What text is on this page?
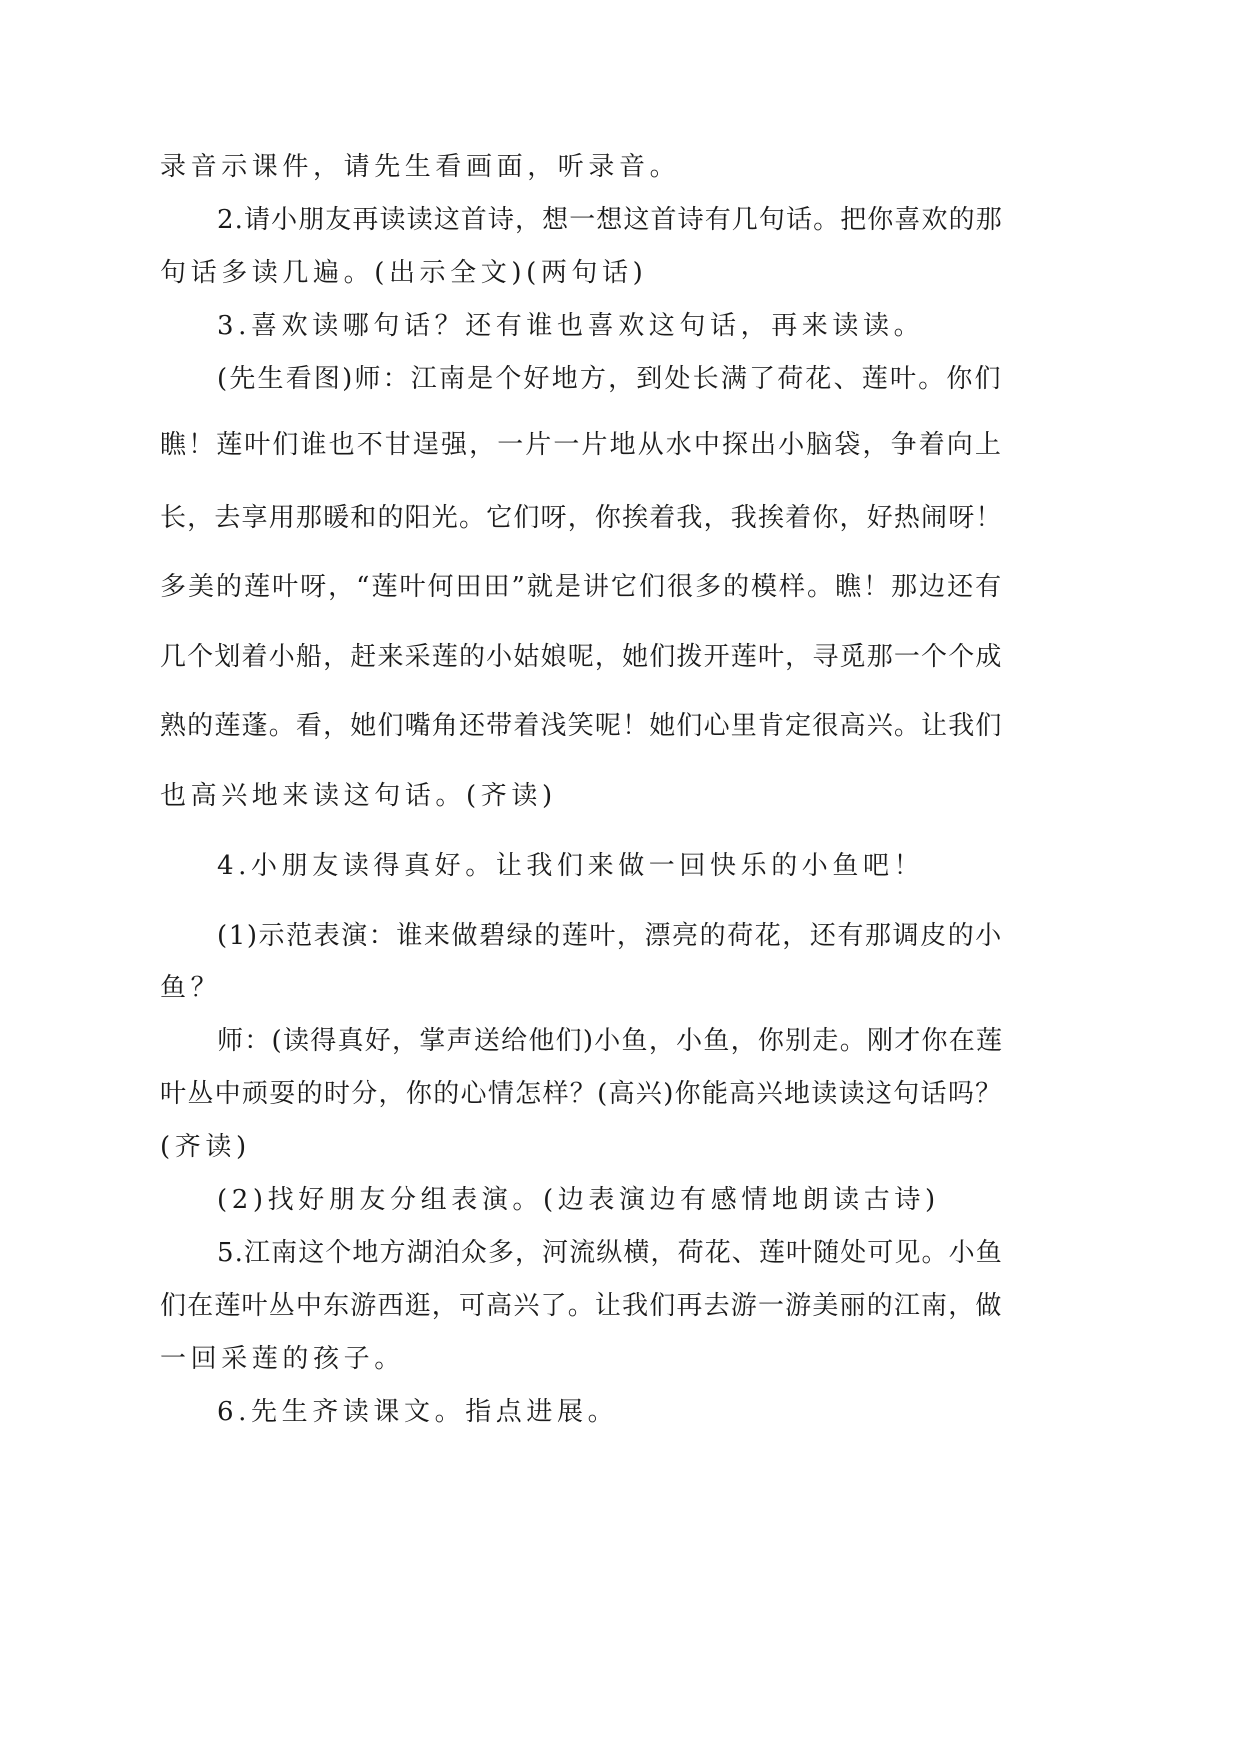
录音示课件，请先生看画面，听录音。
2.请小朋友再读读这首诗，想一想这首诗有几句话。把你喜欢的那
句话多读几遍。(出示全文)(两句话)
3.喜欢读哪句话？还有谁也喜欢这句话，再来读读。
(先生看图)师：江南是个好地方，到处长满了荷花、莲叶。你们
瞧！莲叶们谁也不甘逞强，一片一片地从水中探出小脑袋，争着向上
长，去享用那暖和的阳光。它们呀，你挨着我，我挨着你，好热闹呀！
多美的莲叶呀，“莲叶何田田”就是讲它们很多的模样。瞧！那边还有
几个划着小船，赶来采莲的小姑娘呢，她们拨开莲叶，寻觅那一个个成
熟的莲蓬。看，她们嘴角还带着浅笑呢！她们心里肯定很高兴。让我们
也高兴地来读这句话。(齐读)
4.小朋友读得真好。让我们来做一回快乐的小鱼吧！
(1)示范表演：谁来做碧绿的莲叶，漂亮的荷花，还有那调皮的小
鱼？
师：(读得真好，掌声送给他们)小鱼，小鱼，你别走。刚才你在莲
叶丛中顽耍的时分，你的心情怎样？(高兴)你能高兴地读读这句话吗？
(齐读)
(2)找好朋友分组表演。(边表演边有感情地朗读古诗)
5.江南这个地方湖泊众多，河流纵横，荷花、莲叶随处可见。小鱼
们在莲叶丛中东游西逛，可高兴了。让我们再去游一游美丽的江南，做
一回采莲的孩子。
6.先生齐读课文。指点进展。
